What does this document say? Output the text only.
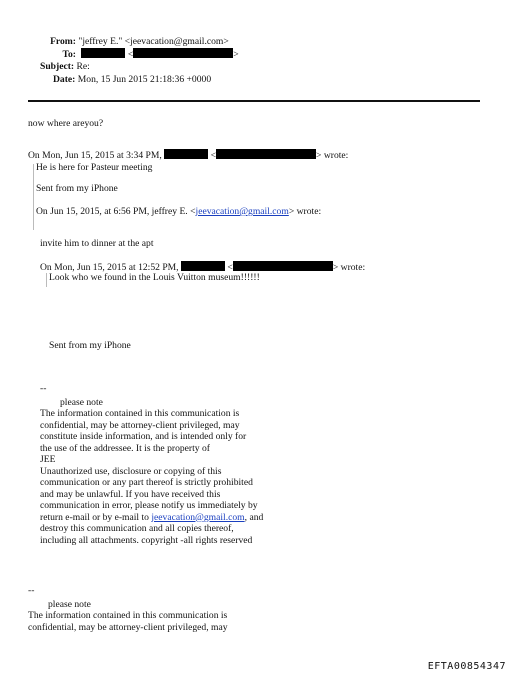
From: "jeffrey E." <jeevacation@gmail.com>
To:	<	>
Subject: Re:
Date: Mon, 15 Jun 2015 21:18:36 +0000
now where areyou?
On Mon, Jun 15, 2015 at 3:34 PM,	<	> wrote:
He is here for Pasteur meeting
Sent from my iPhone
On Jun 15, 2015, at 6:56 PM, jeffrey E. <jeevacation@gmail.com> wrote:
invite him to dinner at the apt
On Mon, Jun 15, 2015 at 12:52 PM,	<	> wrote:
Look who we found in the Louis Vuitton museum!!!!!!
Sent from my iPhone
--
please note
The information contained in this communication is
confidential, may be attorney-client privileged, may
constitute inside information, and is intended only for
the use of the addressee. It is the property of
JEE
Unauthorized use, disclosure or copying of this
communication or any part thereof is strictly prohibited
and may be unlawful. If you have received this
communication in error, please notify us immediately by
return e-mail or by e-mail to jeevacation@gmail.com, and
destroy this communication and all copies thereof,
including all attachments. copyright -all rights reserved
--
please note
The information contained in this communication is
confidential, may be attorney-client privileged, may
EFTA00854347
